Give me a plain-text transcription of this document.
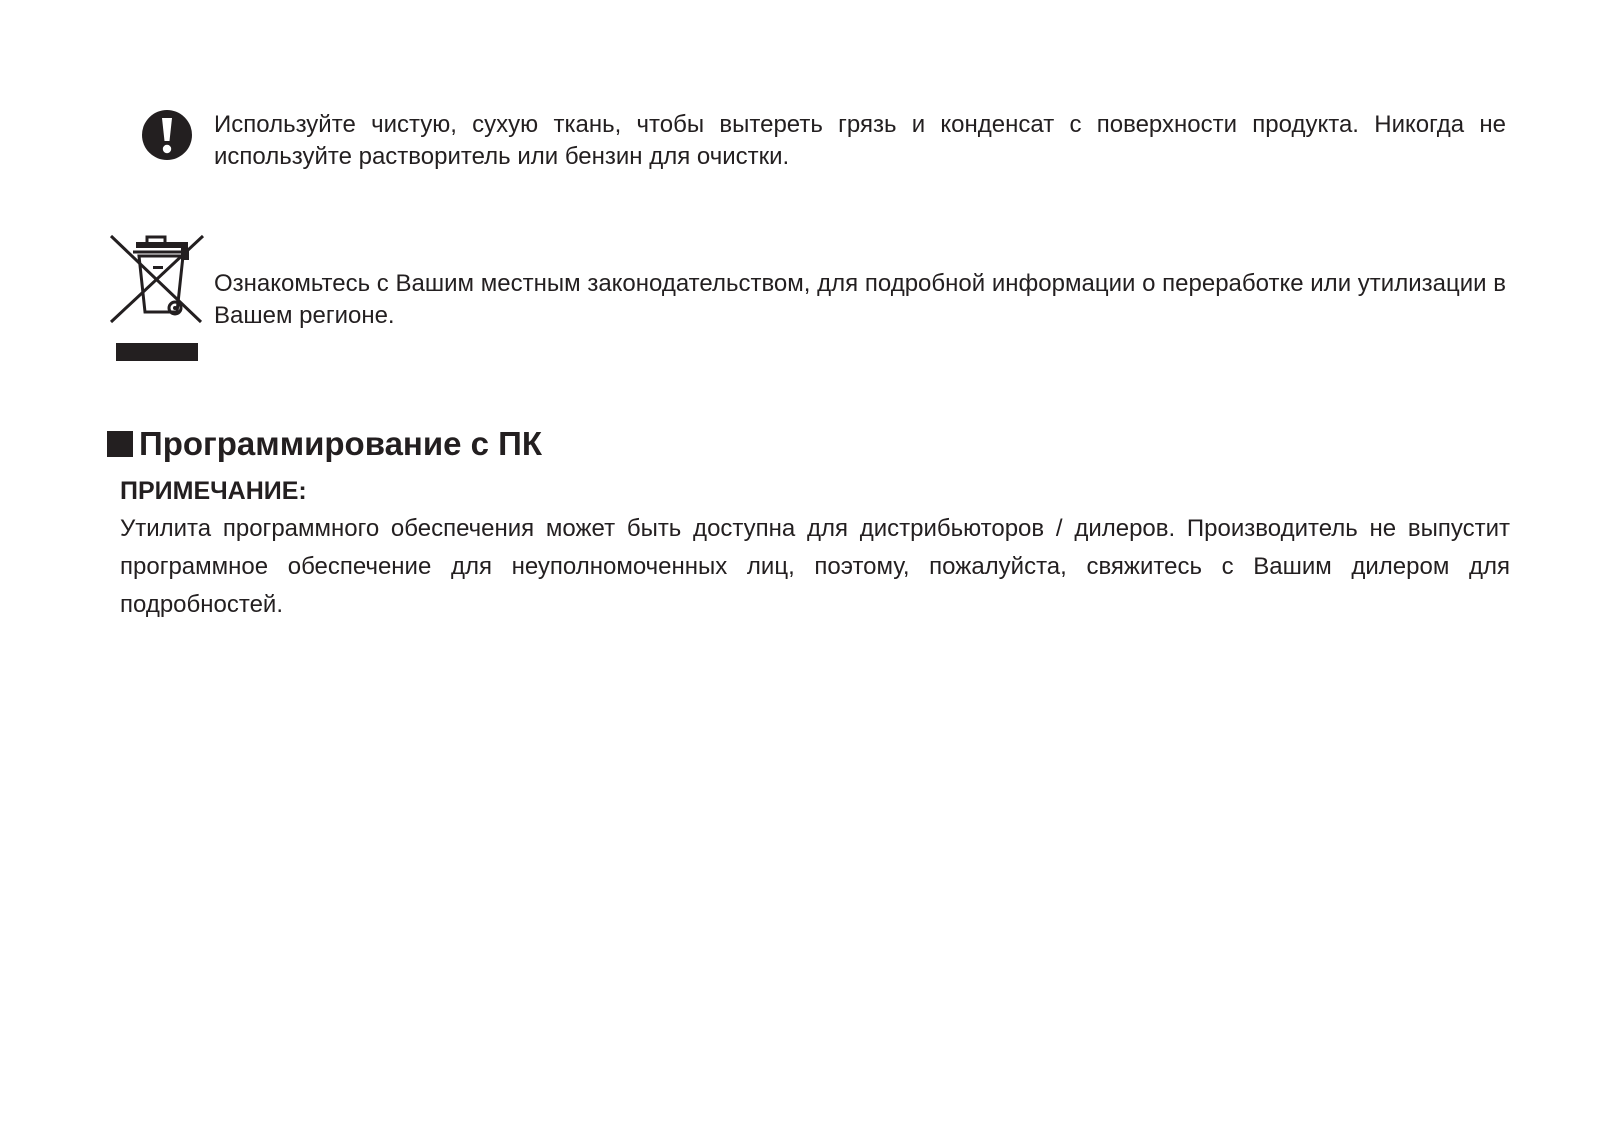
Используйте чистую, сухую ткань, чтобы вытереть грязь и конденсат с поверхности продукта. Никогда не используйте растворитель или бензин для очистки.

Ознакомьтесь с Вашим местным законодательством, для подробной информации о переработке или утилизации в Вашем регионе.

Программирование с ПК
ПРИМЕЧАНИЕ:

Утилита программного обеспечения может быть доступна для дистрибьюторов / дилеров. Производитель не выпустит программное обеспечение для неуполномоченных лиц, поэтому, пожалуйста, свяжитесь с Вашим дилером для подробностей.
